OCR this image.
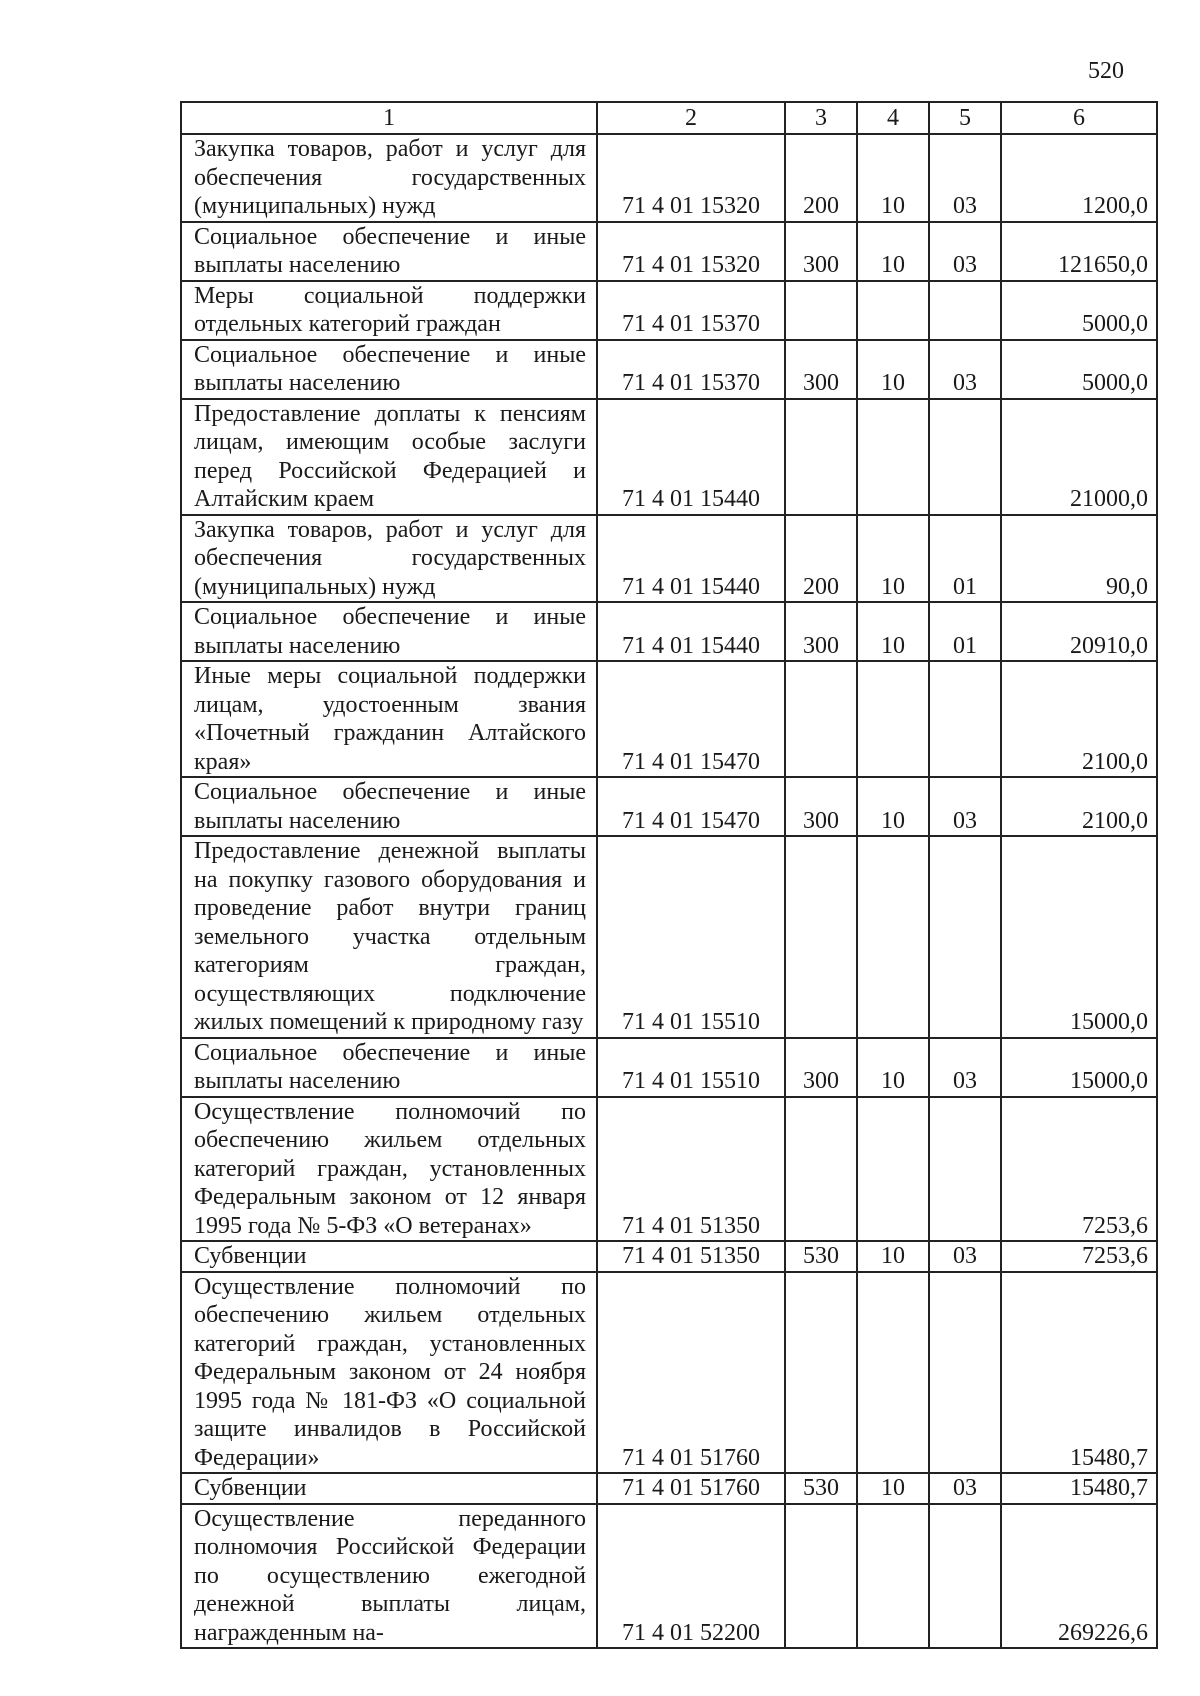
520
1	2	3	4	5	6
Закупка товаров, работ и услуг для обеспечения государственных (муниципальных) нужд	71 4 01 15320	200	10	03	1200,0
Социальное обеспечение и иные выплаты населению	71 4 01 15320	300	10	03	121650,0
Меры социальной поддержки отдельных категорий граждан	71 4 01 15370				5000,0
Социальное обеспечение и иные выплаты населению	71 4 01 15370	300	10	03	5000,0
Предоставление доплаты к пенсиям лицам, имеющим особые заслуги перед Российской Федерацией и Алтайским краем	71 4 01 15440				21000,0
Закупка товаров, работ и услуг для обеспечения государственных (муниципальных) нужд	71 4 01 15440	200	10	01	90,0
Социальное обеспечение и иные выплаты населению	71 4 01 15440	300	10	01	20910,0
Иные меры социальной поддержки лицам, удостоенным звания «Почетный гражданин Алтайского края»	71 4 01 15470				2100,0
Социальное обеспечение и иные выплаты населению	71 4 01 15470	300	10	03	2100,0
Предоставление денежной выплаты на покупку газового оборудования и проведение работ внутри границ земельного участка отдельным категориям граждан, осуществляющих подключение жилых помещений к природному газу	71 4 01 15510				15000,0
Социальное обеспечение и иные выплаты населению	71 4 01 15510	300	10	03	15000,0
Осуществление полномочий по обеспечению жильем отдельных категорий граждан, установленных Федеральным законом от 12 января 1995 года № 5-ФЗ «О ветеранах»	71 4 01 51350				7253,6
Субвенции	71 4 01 51350	530	10	03	7253,6
Осуществление полномочий по обеспечению жильем отдельных категорий граждан, установленных Федеральным законом от 24 ноября 1995 года № 181-ФЗ «О социальной защите инвалидов в Российской Федерации»	71 4 01 51760				15480,7
Субвенции	71 4 01 51760	530	10	03	15480,7
Осуществление переданного полномочия Российской Федерации по осуществлению ежегодной денежной выплаты лицам, награжденным на-	71 4 01 52200				269226,6
